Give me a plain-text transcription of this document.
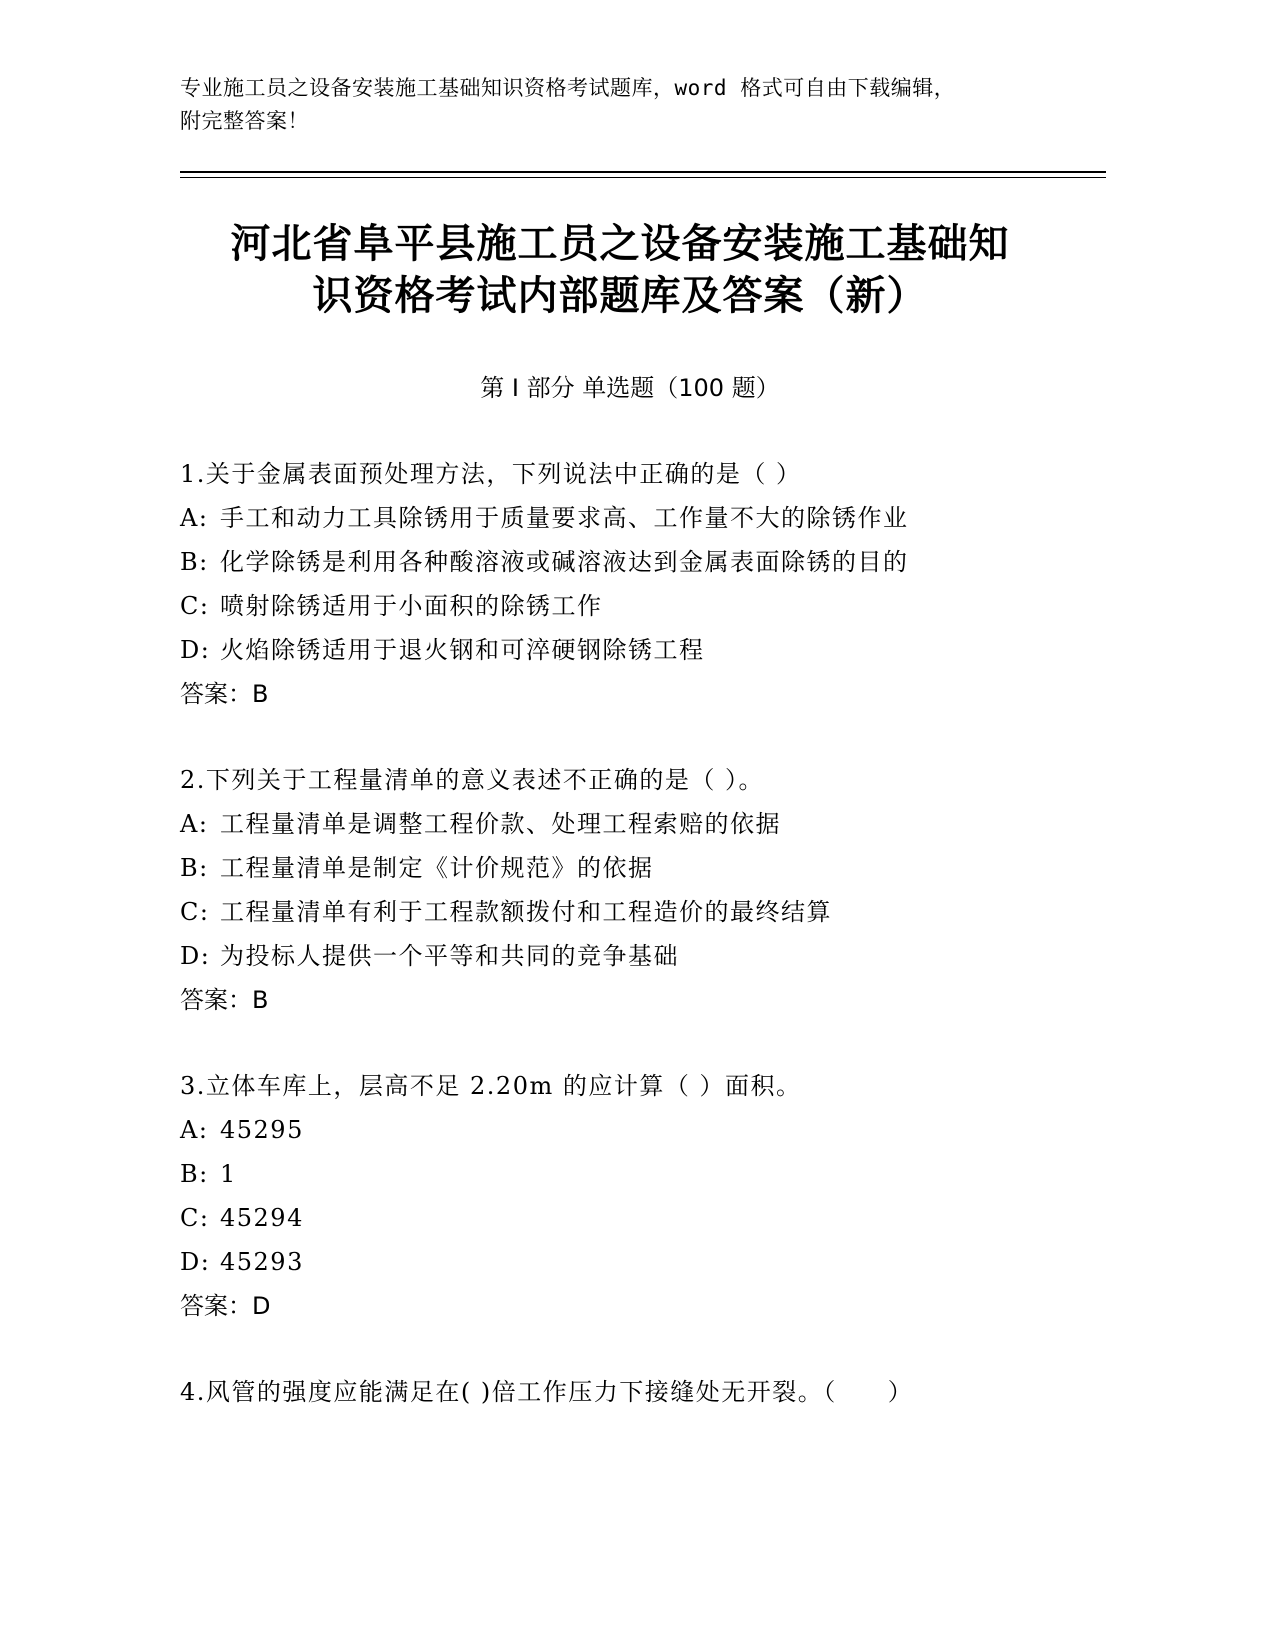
专业施工员之设备安装施工基础知识资格考试题库，word 格式可自由下载编辑，
附完整答案！
河北省阜平县施工员之设备安装施工基础知
识资格考试内部题库及答案（新）
第 I 部分 单选题（100 题）
1.关于金属表面预处理方法，下列说法中正确的是（ ）
A: 手工和动力工具除锈用于质量要求高、工作量不大的除锈作业
B: 化学除锈是利用各种酸溶液或碱溶液达到金属表面除锈的目的
C: 喷射除锈适用于小面积的除锈工作
D: 火焰除锈适用于退火钢和可淬硬钢除锈工程
答案：B
2.下列关于工程量清单的意义表述不正确的是（ ）。
A: 工程量清单是调整工程价款、处理工程索赔的依据
B: 工程量清单是制定《计价规范》的依据
C: 工程量清单有利于工程款额拨付和工程造价的最终结算
D: 为投标人提供一个平等和共同的竞争基础
答案：B
3.立体车库上，层高不足 2.20m 的应计算（ ）面积。
A: 45295
B: 1
C: 45294
D: 45293
答案：D
4.风管的强度应能满足在( )倍工作压力下接缝处无开裂。（　　）
